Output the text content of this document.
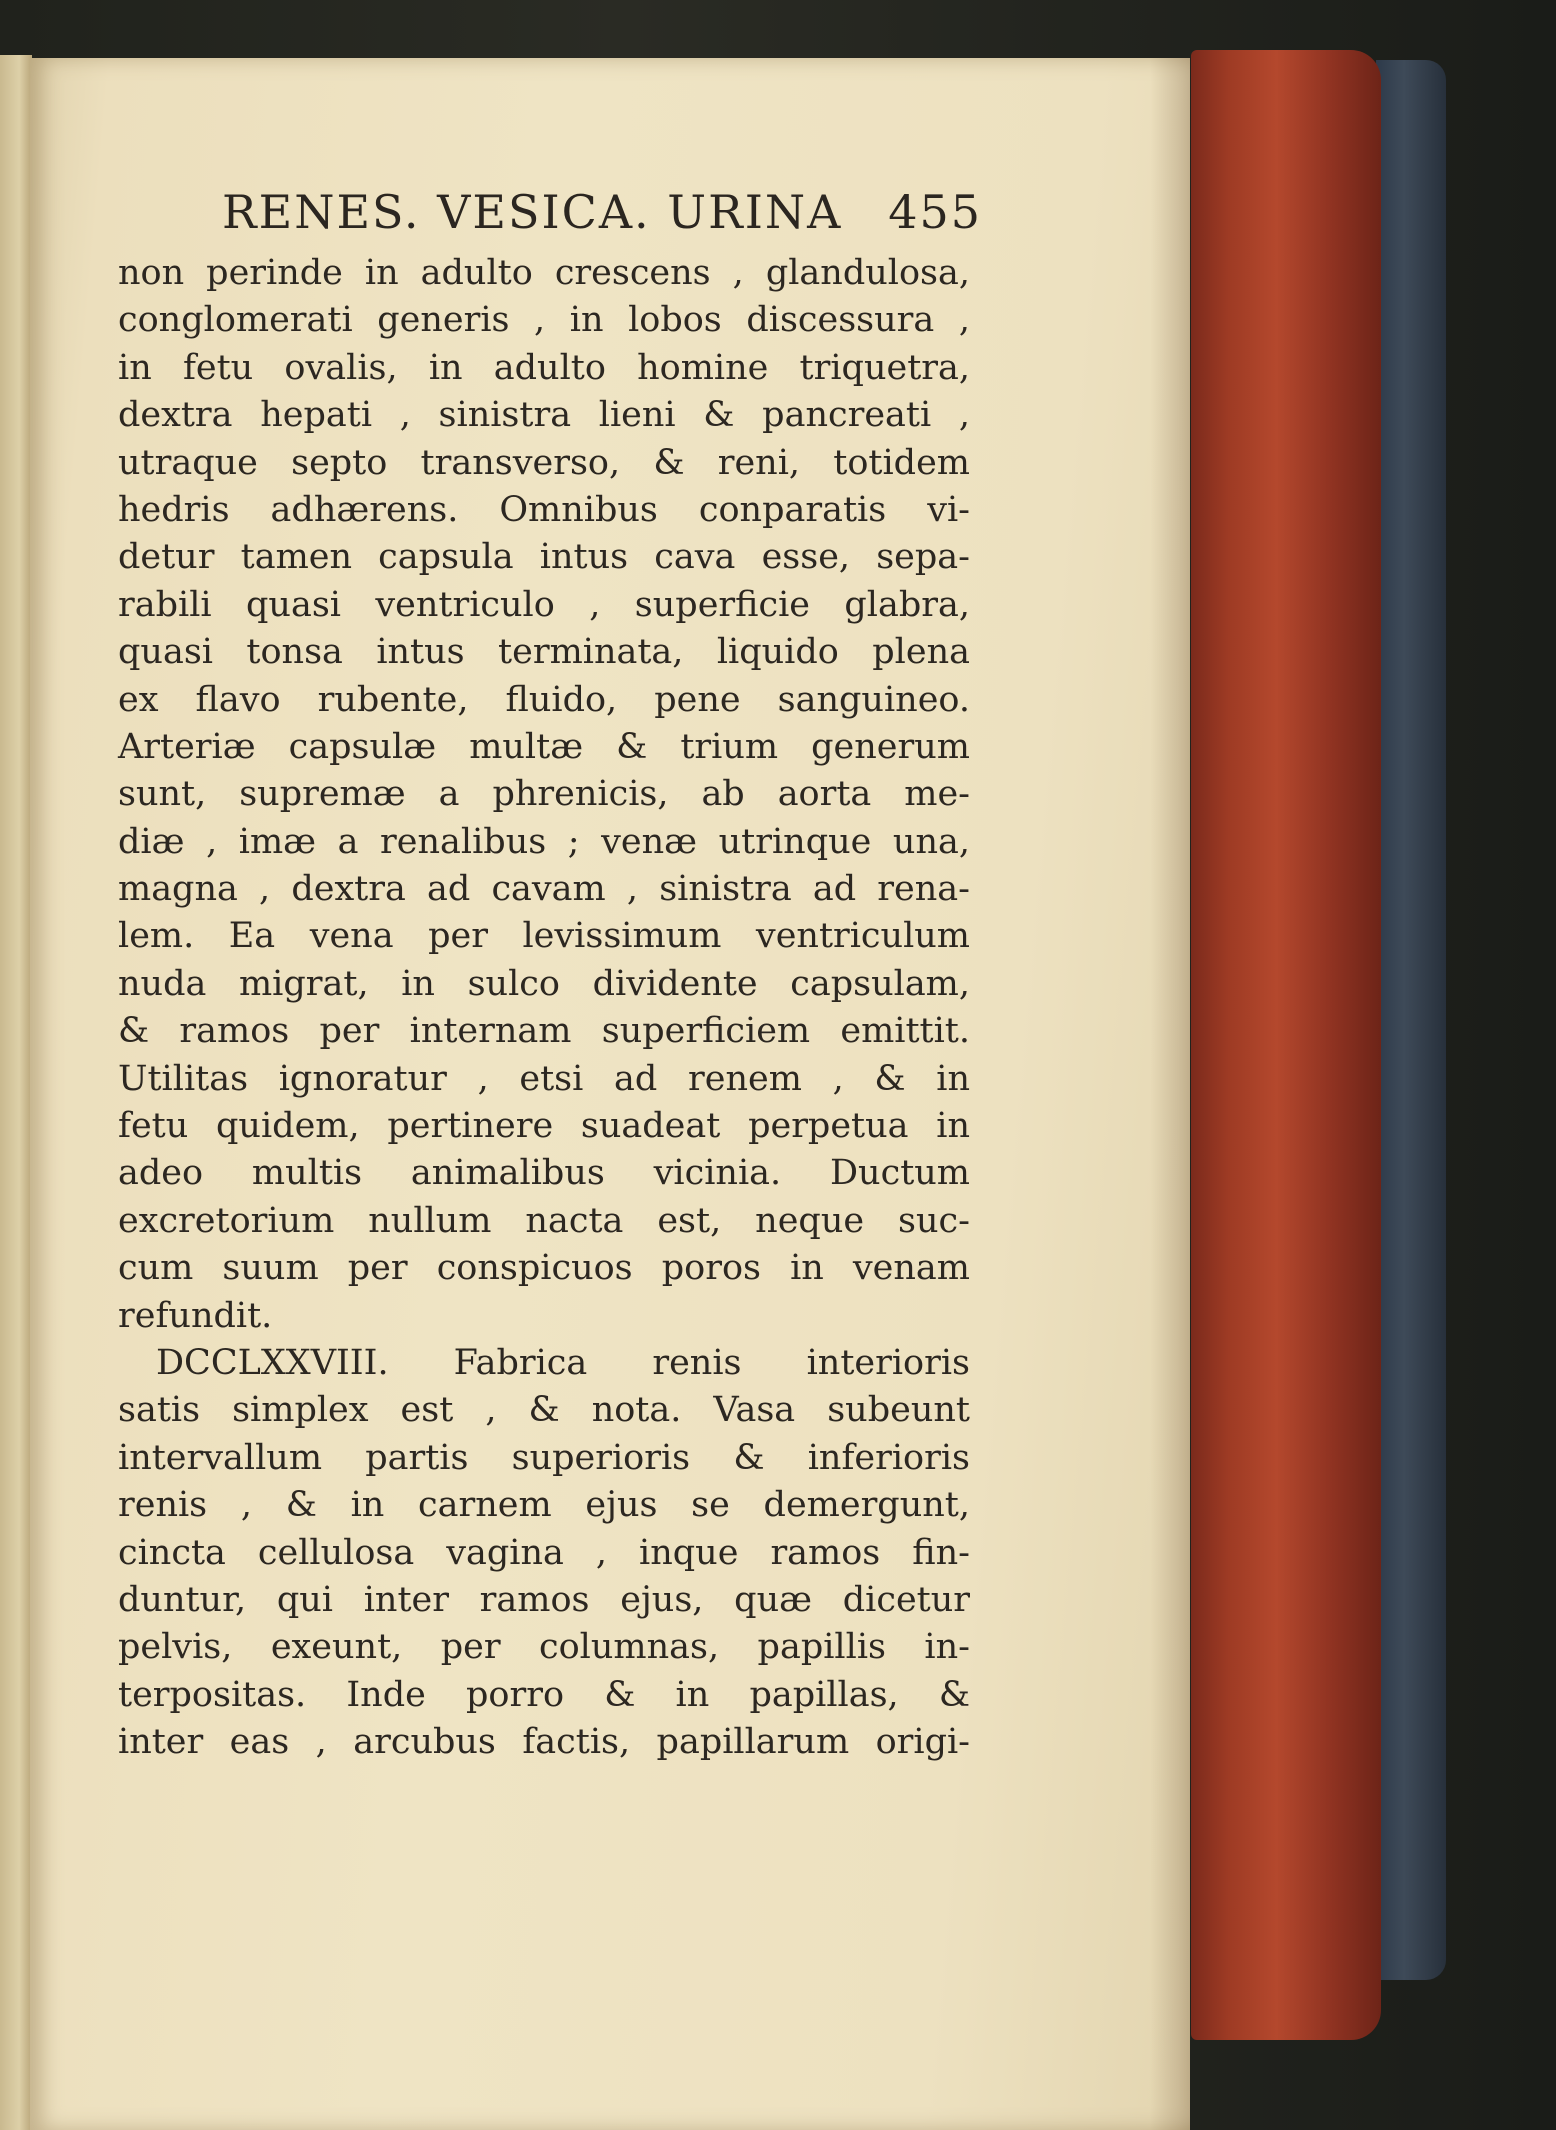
RENES. VESICA. URINA 455
non perinde in adulto crescens , glandulosa,
conglomerati generis , in lobos discessura ,
in fetu ovalis, in adulto homine triquetra,
dextra hepati , sinistra lieni & pancreati ,
utraque septo transverso, & reni, totidem
hedris adhærens. Omnibus conparatis vi-
detur tamen capsula intus cava esse, sepa-
rabili quasi ventriculo , superficie glabra,
quasi tonsa intus terminata, liquido plena
ex flavo rubente, fluido, pene sanguineo.
Arteriæ capsulæ multæ & trium generum
sunt, supremæ a phrenicis, ab aorta me-
diæ , imæ a renalibus ; venæ utrinque una,
magna , dextra ad cavam , sinistra ad rena-
lem. Ea vena per levissimum ventriculum
nuda migrat, in sulco dividente capsulam,
& ramos per internam superficiem emittit.
Utilitas ignoratur , etsi ad renem , & in
fetu quidem, pertinere suadeat perpetua in
adeo multis animalibus vicinia. Ductum
excretorium nullum nacta est, neque suc-
cum suum per conspicuos poros in venam
refundit.
DCCLXXVIII. Fabrica renis interioris
satis simplex est , & nota. Vasa subeunt
intervallum partis superioris & inferioris
renis , & in carnem ejus se demergunt,
cincta cellulosa vagina , inque ramos fin-
duntur, qui inter ramos ejus, quæ dicetur
pelvis, exeunt, per columnas, papillis in-
terpositas. Inde porro & in papillas, &
inter eas , arcubus factis, papillarum origi-
